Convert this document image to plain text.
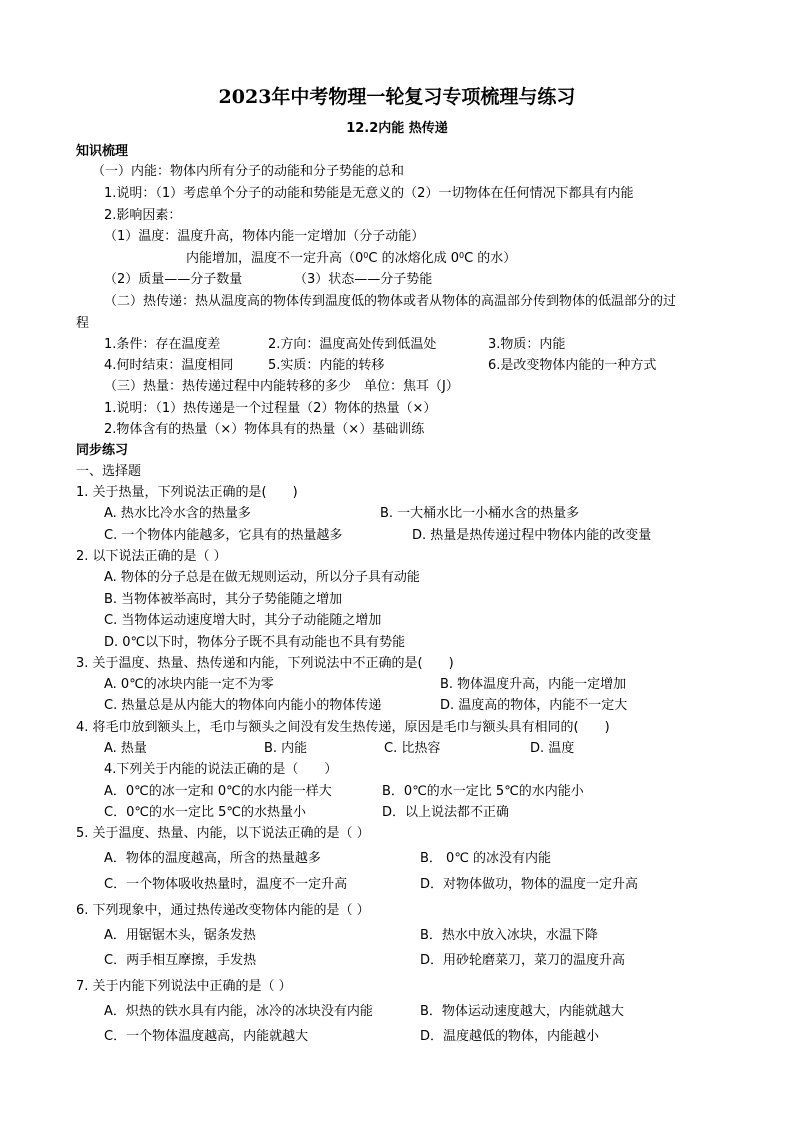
2023年中考物理一轮复习专项梳理与练习
12.2内能 热传递
知识梳理
（一）内能：物体内所有分子的动能和分子势能的总和
1.说明：（1）考虑单个分子的动能和势能是无意义的（2）一切物体在任何情况下都具有内能
2.影响因素：
（1）温度：温度升高，物体内能一定增加（分子动能）
内能增加，温度不一定升高（$0^0C$ 的冰熔化成 $0^0C$ 的水）
（2）质量——分子数量	（3）状态——分子势能
（二）热传递：热从温度高的物体传到温度低的物体或者从物体的高温部分传到物体的低温部分的过
程
1.条件：存在温度差	2.方向：温度高处传到低温处	3.物质：内能
4.何时结束：温度相同	5.实质：内能的转移	6.是改变物体内能的一种方式
（三）热量：热传递过程中内能转移的多少　单位：焦耳（J）
1.说明：（1）热传递是一个过程量（2）物体的热量（×）
2.物体含有的热量（×）物体具有的热量（×）基础训练
同步练习
一、选择题
1. 关于热量，下列说法正确的是(　　)
A. 热水比冷水含的热量多	B. 一大桶水比一小桶水含的热量多
C. 一个物体内能越多，它具有的热量越多	D. 热量是热传递过程中物体内能的改变量
2. 以下说法正确的是（ ）
A. 物体的分子总是在做无规则运动，所以分子具有动能
B. 当物体被举高时，其分子势能随之增加
C. 当物体运动速度增大时，其分子动能随之增加
D. 0℃以下时，物体分子既不具有动能也不具有势能
3. 关于温度、热量、热传递和内能，下列说法中不正确的是(　　)
A. 0℃的冰块内能一定不为零	B. 物体温度升高，内能一定增加
C. 热量总是从内能大的物体向内能小的物体传递	D. 温度高的物体，内能不一定大
4. 将毛巾放到额头上，毛巾与额头之间没有发生热传递，原因是毛巾与额头具有相同的(　　)
A. 热量	B. 内能	C. 比热容	D. 温度
4.下列关于内能的说法正确的是（　　）
A．0℃的冰一定和 0℃的水内能一样大	B．0℃的水一定比 5℃的水内能小
C．0℃的水一定比 5℃的水热量小	D．以上说法都不正确
5. 关于温度、热量、内能，以下说法正确的是（ ）
A．物体的温度越高，所含的热量越多	B． 0℃ 的冰没有内能
C．一个物体吸收热量时，温度不一定升高	D．对物体做功，物体的温度一定升高
6. 下列现象中，通过热传递改变物体内能的是（ ）
A．用锯锯木头，锯条发热	B．热水中放入冰块，水温下降
C．两手相互摩擦，手发热	D．用砂轮磨菜刀，菜刀的温度升高
7. 关于内能下列说法中正确的是（ ）
A．炽热的铁水具有内能，冰冷的冰块没有内能	B．物体运动速度越大，内能就越大
C．一个物体温度越高，内能就越大	D．温度越低的物体，内能越小
